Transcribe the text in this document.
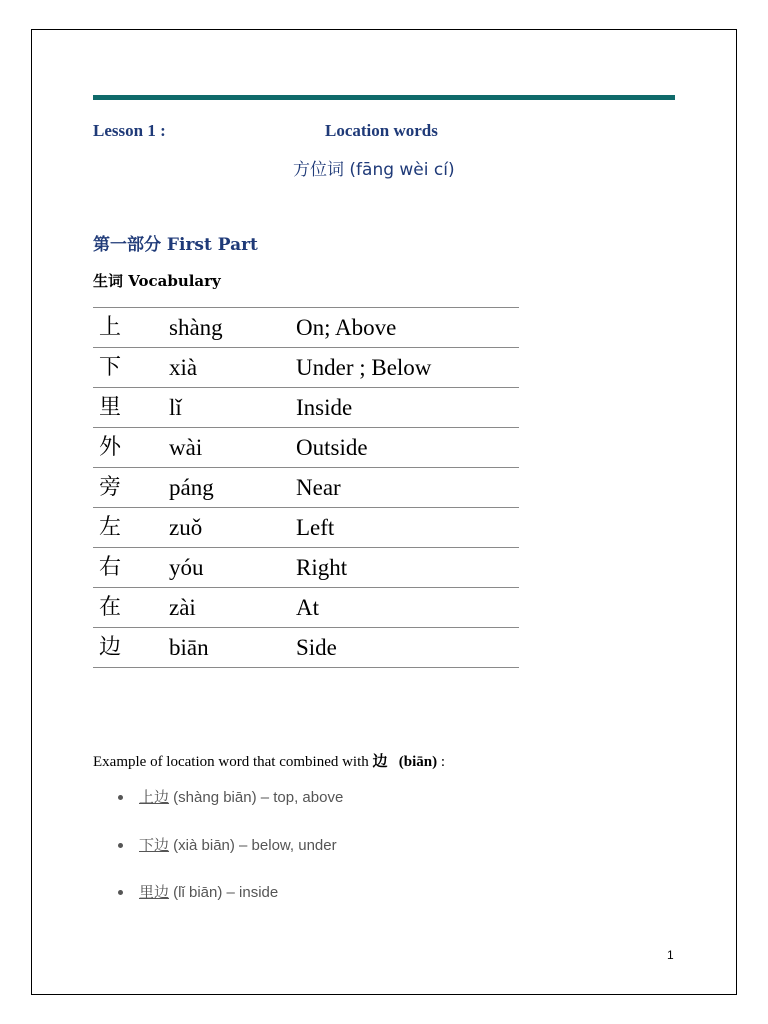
Lesson 1 :	Location words
方位词 (fāng wèi cí)
第一部分 First Part
生词 Vocabulary
上	shàng	On; Above
下	xià	Under ; Below
里	lǐ	Inside
外	wài	Outside
旁	páng	Near
左	zuǒ	Left
右	yóu	Right
在	zài	At
边	biān	Side
Example of location word that combined with 边 (biān) :
上边 (shàng biān) – top, above
下边 (xià biān) – below, under
里边 (lǐ biān) – inside
1
